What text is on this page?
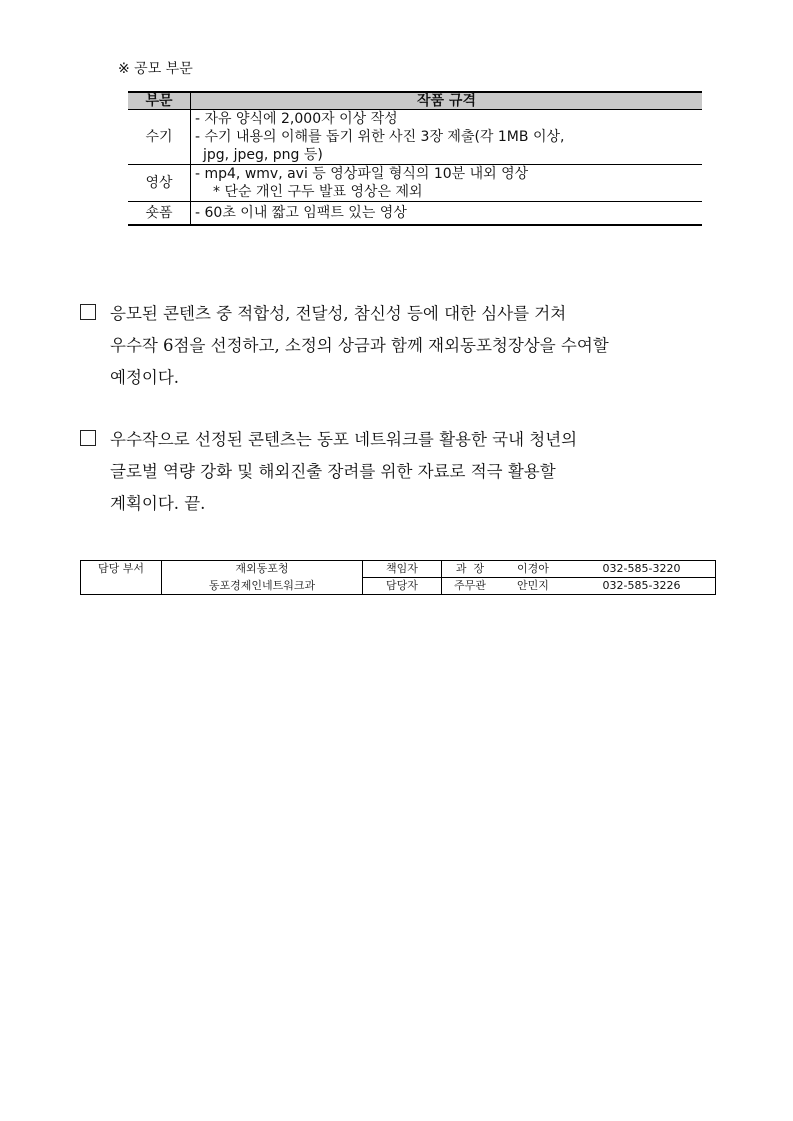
※ 공모 부문
부문	작품 규격
수기	- 자유 양식에 2,000자 이상 작성
- 수기 내용의 이해를 돕기 위한 사진 3장 제출(각 1MB 이상,
jpg, jpeg, png 등)

영상	- mp4, wmv, avi 등 영상파일 형식의 10분 내외 영상
* 단순 개인 구두 발표 영상은 제외

숏폼	- 60초 이내 짧고 임팩트 있는 영상
응모된 콘텐츠 중 적합성, 전달성, 참신성 등에 대한 심사를 거쳐
우수작 6점을 선정하고, 소정의 상금과 함께 재외동포청장상을 수여할
예정이다.
우수작으로 선정된 콘텐츠는 동포 네트워크를 활용한 국내 청년의
글로벌 역량 강화 및 해외진출 장려를 위한 자료로 적극 활용할
계획이다. 끝.
담당 부서	재외동포청	책임자	과  장	이경아	032-585-3220
	동포경제인네트워크과	담당자	주무관	안민지	032-585-3226
